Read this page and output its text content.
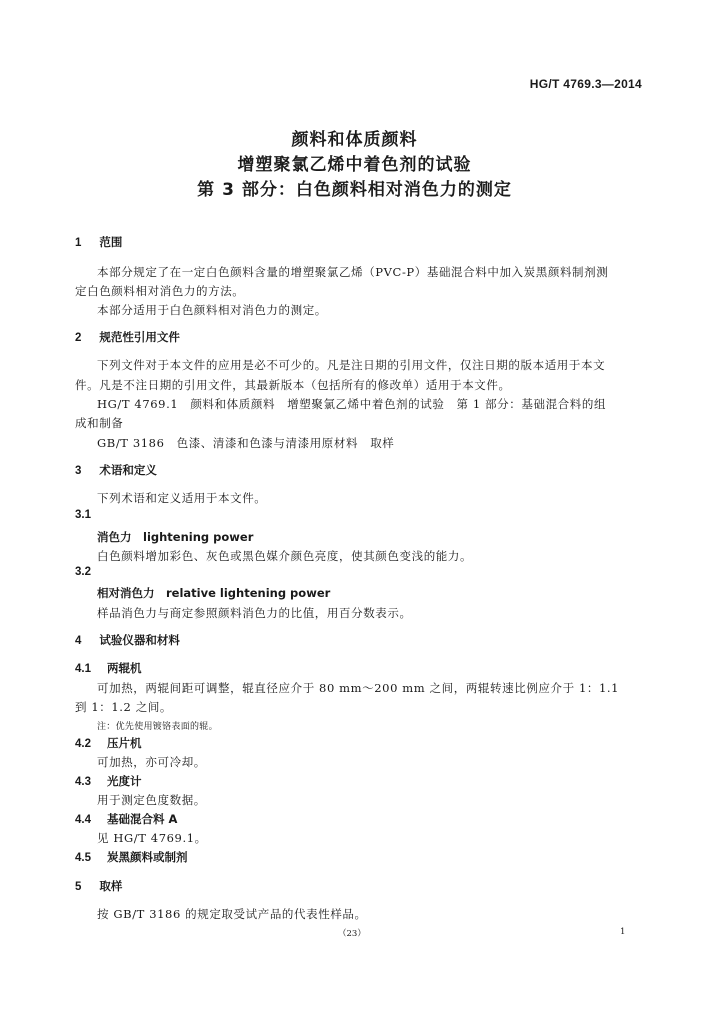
HG/T 4769.3—2014
颜料和体质颜料
增塑聚氯乙烯中着色剂的试验
第 3 部分：白色颜料相对消色力的测定
1 范围
本部分规定了在一定白色颜料含量的增塑聚氯乙烯（PVC-P）基础混合料中加入炭黑颜料制剂测
定白色颜料相对消色力的方法。
本部分适用于白色颜料相对消色力的测定。
2 规范性引用文件
下列文件对于本文件的应用是必不可少的。凡是注日期的引用文件，仅注日期的版本适用于本文
件。凡是不注日期的引用文件，其最新版本（包括所有的修改单）适用于本文件。
HG/T 4769.1　颜料和体质颜料　增塑聚氯乙烯中着色剂的试验　第 1 部分：基础混合料的组
成和制备
GB/T 3186　色漆、清漆和色漆与清漆用原材料　取样
3 术语和定义
下列术语和定义适用于本文件。
3.1
消色力　lightening power
白色颜料增加彩色、灰色或黑色媒介颜色亮度，使其颜色变浅的能力。
3.2
相对消色力　relative lightening power
样品消色力与商定参照颜料消色力的比值，用百分数表示。
4 试验仪器和材料
4.1 两辊机
可加热，两辊间距可调整，辊直径应介于 80 mm～200 mm 之间，两辊转速比例应介于 1：1.1
到 1：1.2 之间。
注：优先使用镀铬表面的辊。
4.2 压片机
可加热，亦可冷却。
4.3 光度计
用于测定色度数据。
4.4 基础混合料 A
见 HG/T 4769.1。
4.5 炭黑颜料或制剂
5 取样
按 GB/T 3186 的规定取受试产品的代表性样品。
（23）	1
